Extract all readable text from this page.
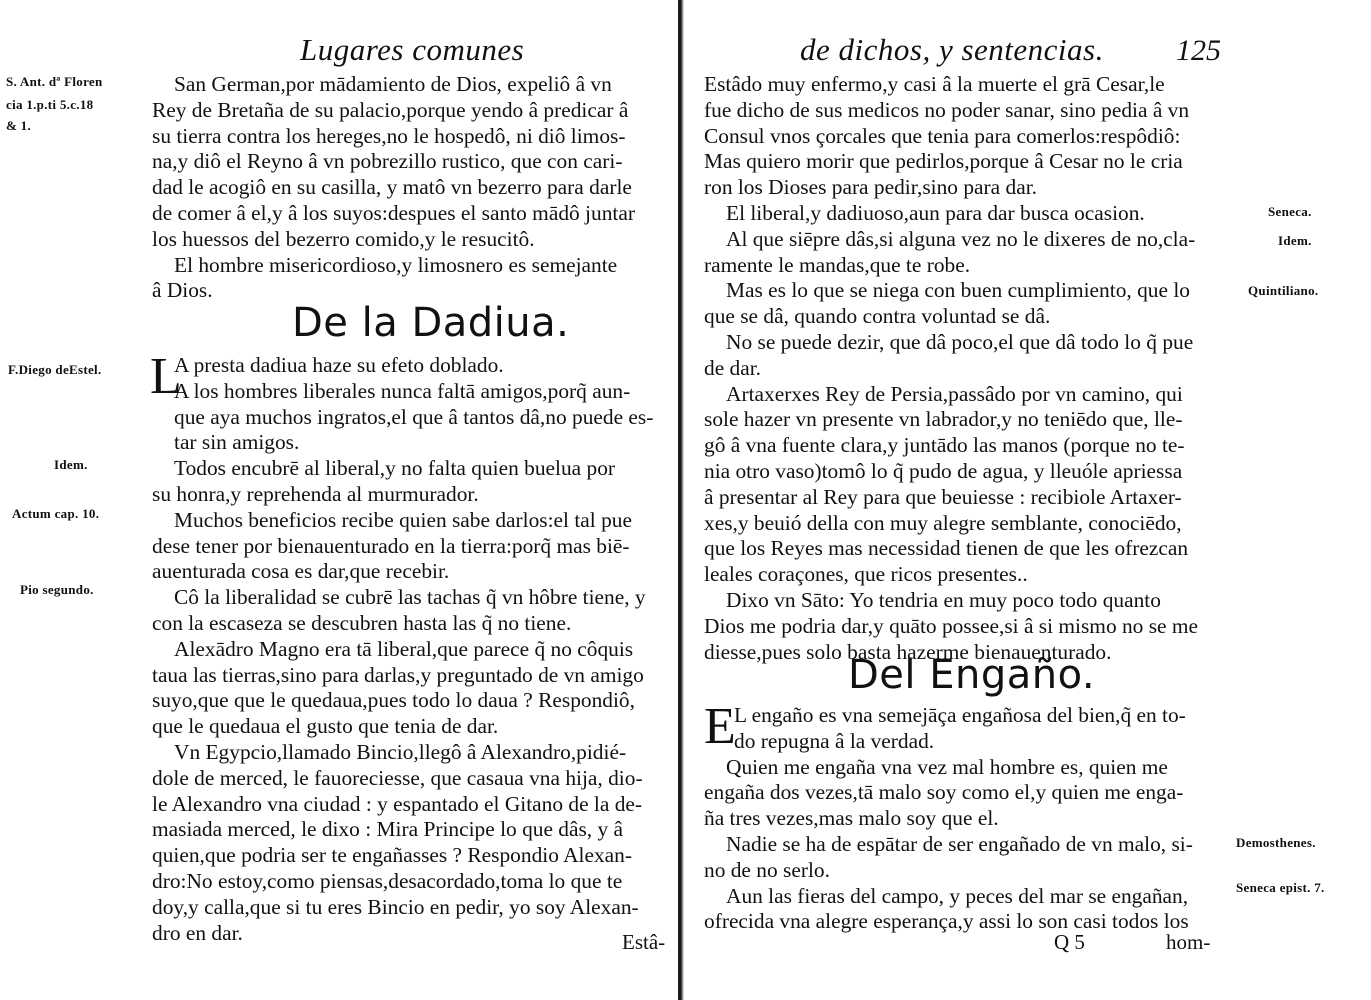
Lugares comunes
S. Ant. dª Floren
cia 1.p.ti 5.c.18
& 1.
F.Diego deEstel.
Idem.
Actum cap. 10.
Pio segundo.
San German,por mādamiento de Dios, expeliô â vn
Rey de Bretaña de su palacio,porque yendo â predicar â
su tierra contra los hereges,no le hospedô, ni diô limos-
na,y diô el Reyno â vn pobrezillo rustico, que con cari-
dad le acogiô en su casilla, y matô vn bezerro para darle
de comer â el,y â los suyos:despues el santo mādô juntar
los huessos del bezerro comido,y le resucitô.
El hombre misericordioso,y limosnero es semejante
â Dios.
De la Dadiua.
L
A presta dadiua haze su efeto doblado.
A los hombres liberales nunca faltā amigos,porq̃ aun-
que aya muchos ingratos,el que â tantos dâ,no puede es-
tar sin amigos.
Todos encubrē al liberal,y no falta quien buelua por
su honra,y reprehenda al murmurador.
Muchos beneficios recibe quien sabe darlos:el tal pue
dese tener por bienauenturado en la tierra:porq̃ mas biē-
auenturada cosa es dar,que recebir.
Cô la liberalidad se cubrē las tachas q̃ vn hôbre tiene, y
con la escaseza se descubren hasta las q̃ no tiene.
Alexādro Magno era tā liberal,que parece q̃ no côquis
taua las tierras,sino para darlas,y preguntado de vn amigo
suyo,que que le quedaua,pues todo lo daua ? Respondiô,
que le quedaua el gusto que tenia de dar.
Vn Egypcio,llamado Bincio,llegô â Alexandro,pidié-
dole de merced, le fauoreciesse, que casaua vna hija, dio-
le Alexandro vna ciudad : y espantado el Gitano de la de-
masiada merced, le dixo : Mira Principe lo que dâs, y â
quien,que podria ser te engañasses ? Respondio Alexan-
dro:No estoy,como piensas,desacordado,toma lo que te
doy,y calla,que si tu eres Bincio en pedir, yo soy Alexan-
dro en dar.	Estâ-
de dichos, y sentencias. 125
Estâdo muy enfermo,y casi â la muerte el grā Cesar,le
fue dicho de sus medicos no poder sanar, sino pedia â vn
Consul vnos çorcales que tenia para comerlos:respôdiô:
Mas quiero morir que pedirlos,porque â Cesar no le cria
ron los Dioses para pedir,sino para dar.
El liberal,y dadiuoso,aun para dar busca ocasion.
Al que siēpre dâs,si alguna vez no le dixeres de no,cla-
ramente le mandas,que te robe.
Mas es lo que se niega con buen cumplimiento, que lo
que se dâ, quando contra voluntad se dâ.
No se puede dezir, que dâ poco,el que dâ todo lo q̃ pue
de dar.
Artaxerxes Rey de Persia,passâdo por vn camino, qui
sole hazer vn presente vn labrador,y no teniēdo que, lle-
gô â vna fuente clara,y juntādo las manos (porque no te-
nia otro vaso)tomô lo q̃ pudo de agua, y lleuóle apriessa
â presentar al Rey para que beuiesse : recibiole Artaxer-
xes,y beuió della con muy alegre semblante, conociēdo,
que los Reyes mas necessidad tienen de que les ofrezcan
leales coraçones, que ricos presentes..
Dixo vn Sāto: Yo tendria en muy poco todo quanto
Dios me podria dar,y quāto possee,si â si mismo no se me
diesse,pues solo basta hazerme bienauenturado.
Del Engaño.
E
L engaño es vna semejāça engañosa del bien,q̃ en to-
do repugna â la verdad.
Quien me engaña vna vez mal hombre es, quien me
engaña dos vezes,tā malo soy como el,y quien me enga-
ña tres vezes,mas malo soy que el.
Nadie se ha de espātar de ser engañado de vn malo, si-
no de no serlo.
Aun las fieras del campo, y peces del mar se engañan,
ofrecida vna alegre esperança,y assi lo son casi todos los
Seneca.
Idem.
Quintiliano.
Demosthenes.
Seneca epist. 7.
Q 5	hom-
